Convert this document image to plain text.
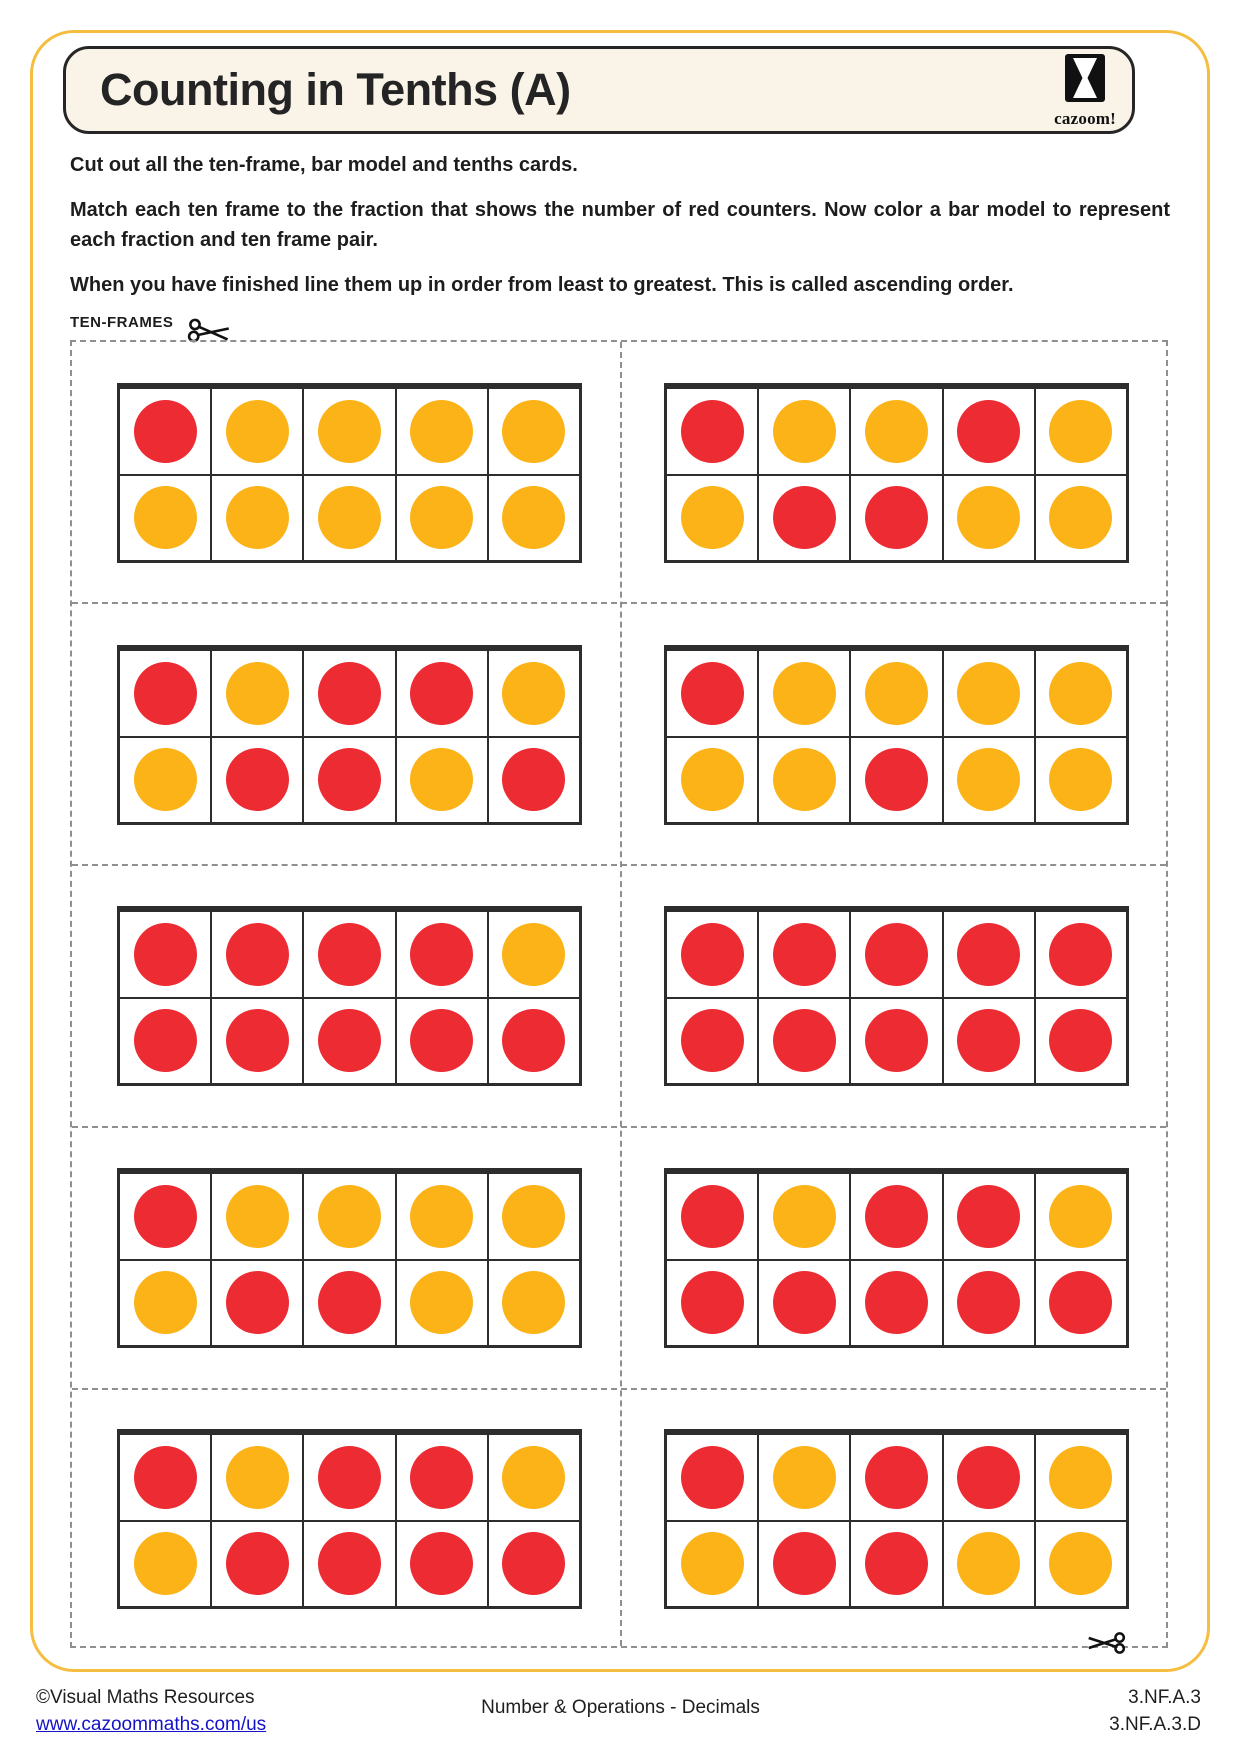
Counting in Tenths (A)
cazoom!

Cut out all the ten-frame, bar model and tenths cards.

Match each ten frame to the fraction that shows the number of red counters. Now color a bar model to represent each fraction and ten frame pair.

When you have finished line them up in order from least to greatest. This is called ascending order.

TEN-FRAMES
©Visual Maths Resources
www.cazoommaths.com/us
Number & Operations - Decimals	3.NF.A.3
3.NF.A.3.D
